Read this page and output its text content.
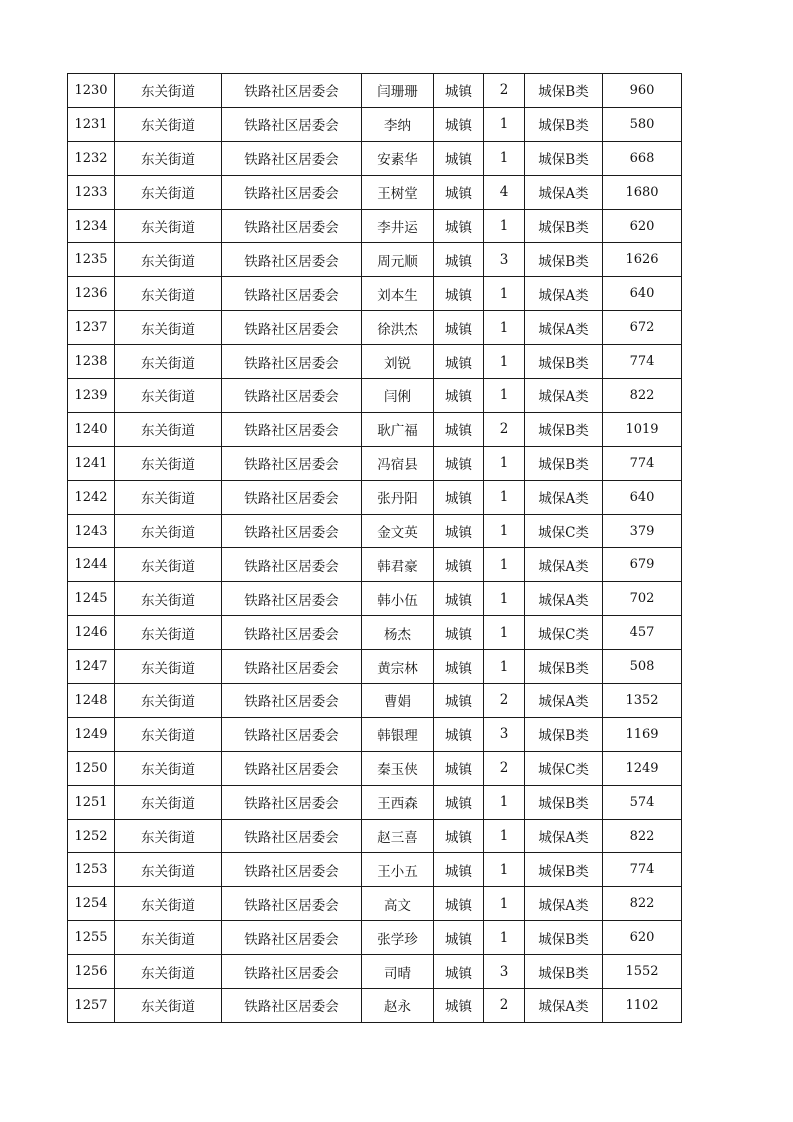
1230	东关街道	铁路社区居委会	闫珊珊	城镇	2	城保B类	960
1231	东关街道	铁路社区居委会	李纳	城镇	1	城保B类	580
1232	东关街道	铁路社区居委会	安素华	城镇	1	城保B类	668
1233	东关街道	铁路社区居委会	王树堂	城镇	4	城保A类	1680
1234	东关街道	铁路社区居委会	李井运	城镇	1	城保B类	620
1235	东关街道	铁路社区居委会	周元顺	城镇	3	城保B类	1626
1236	东关街道	铁路社区居委会	刘本生	城镇	1	城保A类	640
1237	东关街道	铁路社区居委会	徐洪杰	城镇	1	城保A类	672
1238	东关街道	铁路社区居委会	刘锐	城镇	1	城保B类	774
1239	东关街道	铁路社区居委会	闫俐	城镇	1	城保A类	822
1240	东关街道	铁路社区居委会	耿广福	城镇	2	城保B类	1019
1241	东关街道	铁路社区居委会	冯宿县	城镇	1	城保B类	774
1242	东关街道	铁路社区居委会	张丹阳	城镇	1	城保A类	640
1243	东关街道	铁路社区居委会	金文英	城镇	1	城保C类	379
1244	东关街道	铁路社区居委会	韩君豪	城镇	1	城保A类	679
1245	东关街道	铁路社区居委会	韩小伍	城镇	1	城保A类	702
1246	东关街道	铁路社区居委会	杨杰	城镇	1	城保C类	457
1247	东关街道	铁路社区居委会	黄宗林	城镇	1	城保B类	508
1248	东关街道	铁路社区居委会	曹娟	城镇	2	城保A类	1352
1249	东关街道	铁路社区居委会	韩银理	城镇	3	城保B类	1169
1250	东关街道	铁路社区居委会	秦玉侠	城镇	2	城保C类	1249
1251	东关街道	铁路社区居委会	王西森	城镇	1	城保B类	574
1252	东关街道	铁路社区居委会	赵三喜	城镇	1	城保A类	822
1253	东关街道	铁路社区居委会	王小五	城镇	1	城保B类	774
1254	东关街道	铁路社区居委会	高文	城镇	1	城保A类	822
1255	东关街道	铁路社区居委会	张学珍	城镇	1	城保B类	620
1256	东关街道	铁路社区居委会	司晴	城镇	3	城保B类	1552
1257	东关街道	铁路社区居委会	赵永	城镇	2	城保A类	1102
